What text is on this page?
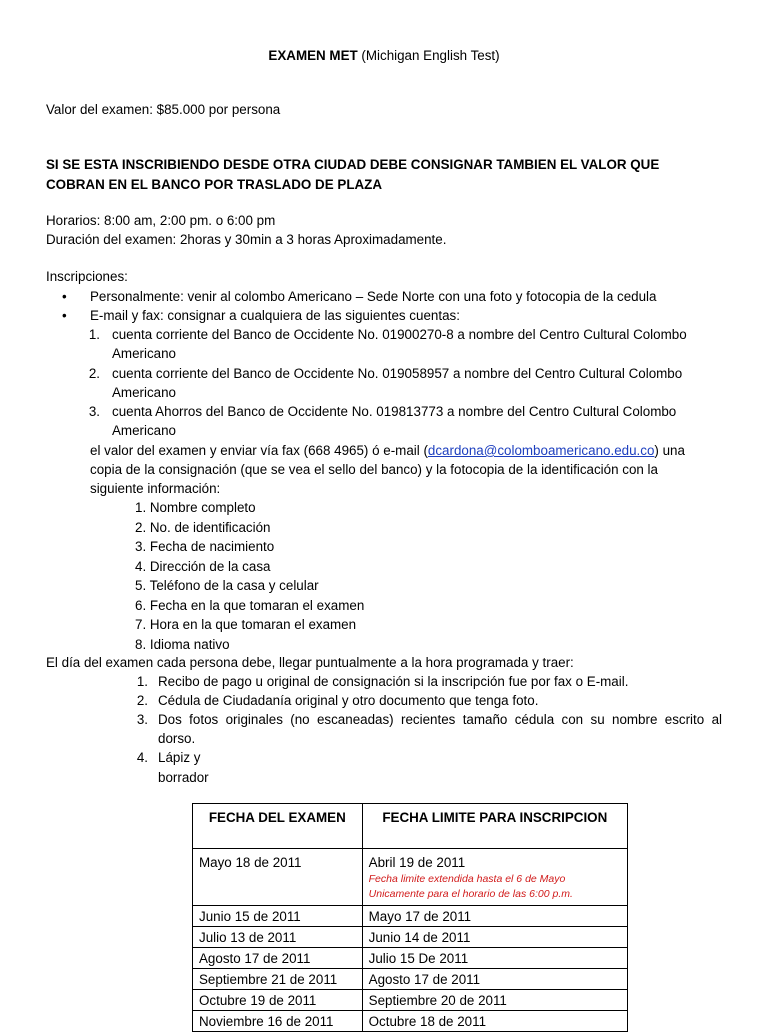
EXAMEN MET (Michigan English Test)
Valor del examen: $85.000 por persona
SI SE ESTA INSCRIBIENDO DESDE OTRA CIUDAD DEBE CONSIGNAR TAMBIEN EL VALOR QUE
COBRAN EN EL BANCO POR TRASLADO DE PLAZA
Horarios: 8:00 am, 2:00 pm. o 6:00 pm
Duración del examen: 2horas y 30min a 3 horas Aproximadamente.
Inscripciones:
•	Personalmente: venir al colombo Americano – Sede Norte con una foto y fotocopia de la cedula
•	E-mail y fax: consignar a cualquiera de las siguientes cuentas:
1. cuenta corriente del Banco de Occidente No. 01900270-8 a nombre del Centro Cultural Colombo
Americano
2. cuenta corriente del Banco de Occidente No. 019058957 a nombre del Centro Cultural Colombo
Americano
3. cuenta Ahorros del Banco de Occidente No. 019813773 a nombre del Centro Cultural Colombo
Americano
el valor del examen y enviar vía fax (668 4965) ó e-mail (dcardona@colomboamericano.edu.co) una
copia de la consignación (que se vea el sello del banco) y la fotocopia de la identificación con la
siguiente información:
1. Nombre completo
2. No. de identificación
3. Fecha de nacimiento
4. Dirección de la casa
5. Teléfono de la casa y celular
6. Fecha en la que tomaran el examen
7. Hora en la que tomaran el examen
8. Idioma nativo
El día del examen cada persona debe, llegar puntualmente a la hora programada y traer:
1. Recibo de pago u original de consignación si la inscripción fue por fax o E-mail.
2. Cédula de Ciudadanía original y otro documento que tenga foto.
3. Dos fotos originales (no escaneadas) recientes tamaño cédula con su nombre escrito al
dorso.
4. Lápiz y borrador
FECHA DEL EXAMEN	FECHA LIMITE PARA INSCRIPCION
Mayo 18 de 2011	Abril 19 de 2011
Fecha limite extendida hasta el 6 de Mayo
Unicamente para el horario de las 6:00 p.m.

Junio 15 de 2011	Mayo 17 de 2011
Julio 13 de 2011	Junio 14 de 2011
Agosto 17 de 2011	Julio 15 De 2011
Septiembre 21 de 2011	Agosto 17 de 2011
Octubre 19 de 2011	Septiembre 20 de 2011
Noviembre 16 de 2011	Octubre 18 de 2011
